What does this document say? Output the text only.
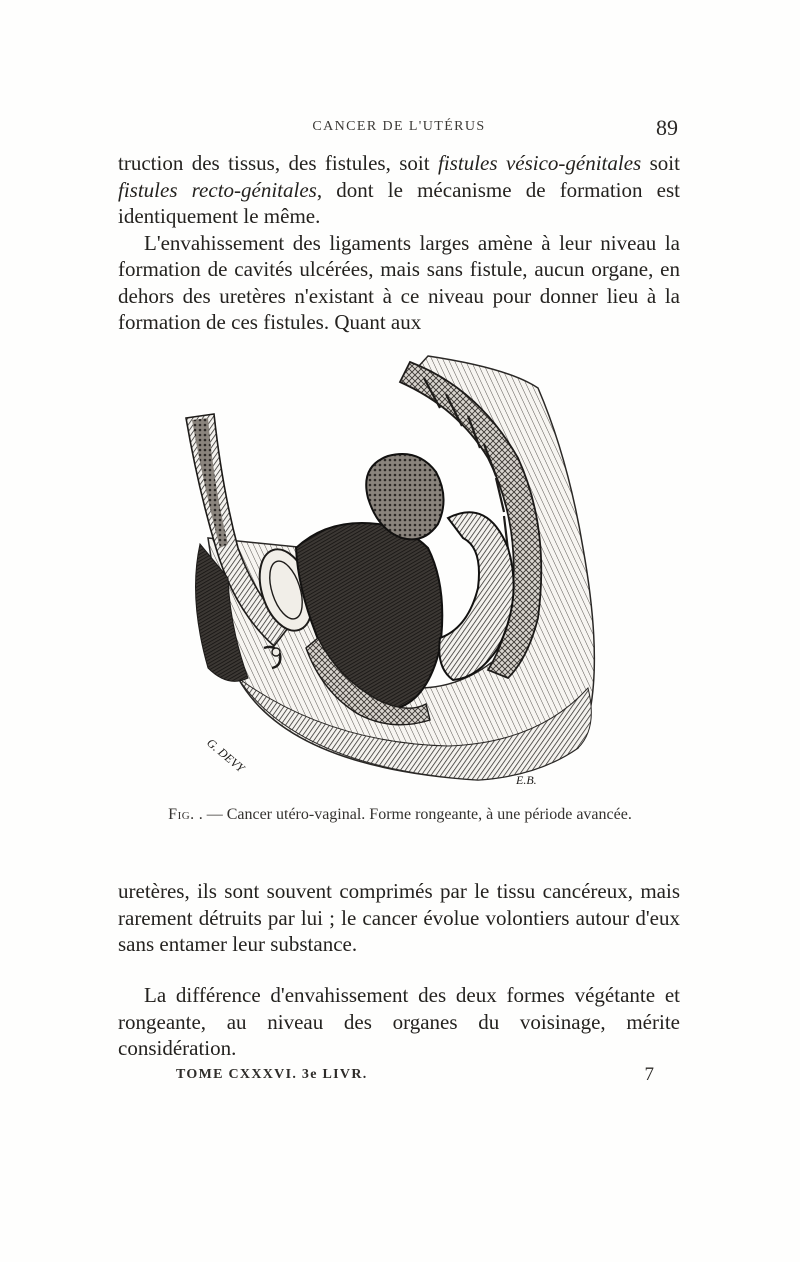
CANCER DE L'UTÉRUS	89

truction des tissus, des fistules, soit fistules vésico-génitales soit fistules recto-génitales, dont le mécanisme de formation est identiquement le même.

L'envahissement des ligaments larges amène à leur niveau la formation de cavités ulcérées, mais sans fistule, aucun organe, en dehors des uretères n'existant à ce niveau pour donner lieu à la formation de ces fistules. Quant aux

G. DEVY
E.B.
Fig. . — Cancer utéro-vaginal. Forme rongeante, à une période avancée.

uretères, ils sont souvent comprimés par le tissu cancéreux, mais rarement détruits par lui ; le cancer évolue volontiers autour d'eux sans entamer leur substance.

La différence d'envahissement des deux formes végétante et rongeante, au niveau des organes du voisinage, mérite considération.

TOME CXXXVI. 3e LIVR.	7
